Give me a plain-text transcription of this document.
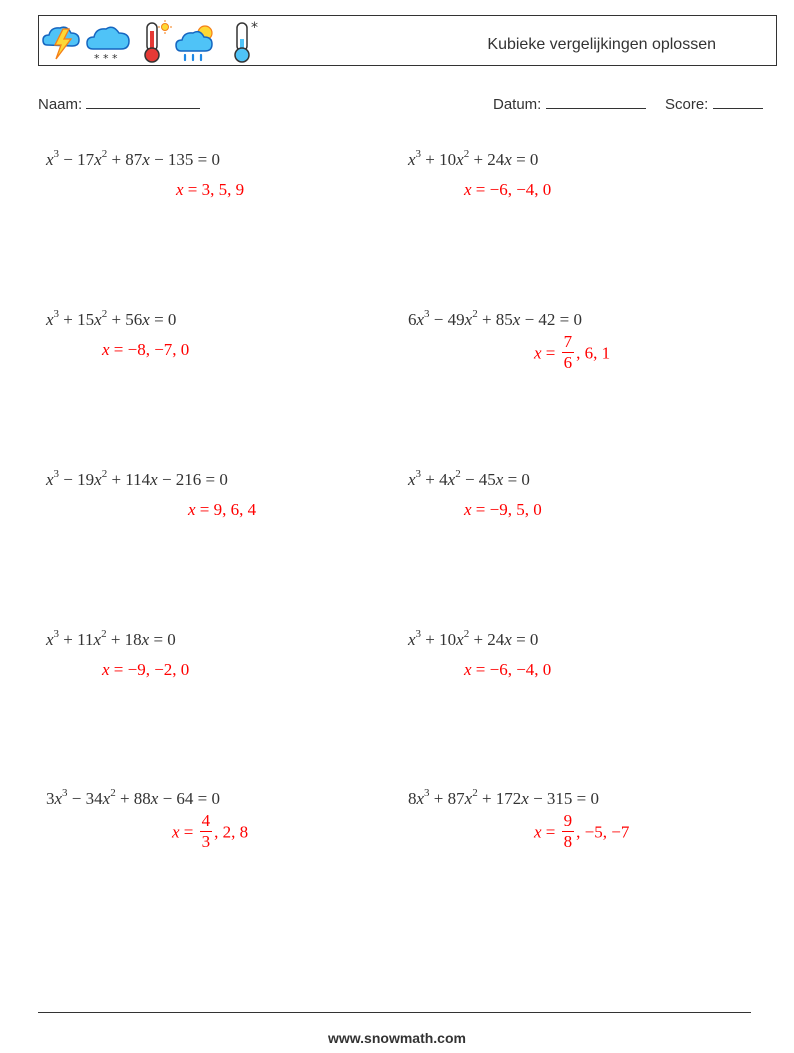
* * *
*
Kubieke vergelijkingen oplossen
Naam:	Datum:	Score:
$x^3 - 17x^2 + 87x - 135 = 0$
x = 3, 5, 9
$x^3 + 10x^2 + 24x = 0$
x = −6, −4, 0
$x^3 + 15x^2 + 56x = 0$
x = −8, −7, 0
$6x^3 - 49x^2 + 85x - 42 = 0$
$x = \frac{7}{6}$ , 6, 1
$x^3 - 19x^2 + 114x - 216 = 0$
x = 9, 6, 4
$x^3 + 4x^2 - 45x = 0$
x = −9, 5, 0
$x^3 + 11x^2 + 18x = 0$
x = −9, −2, 0
$x^3 + 10x^2 + 24x = 0$
x = −6, −4, 0
$3x^3 - 34x^2 + 88x - 64 = 0$
$x = \frac{4}{3}$ , 2, 8
$8x^3 + 87x^2 + 172x - 315 = 0$
$x = \frac{9}{8}$ , −5, −7
www.snowmath.com
